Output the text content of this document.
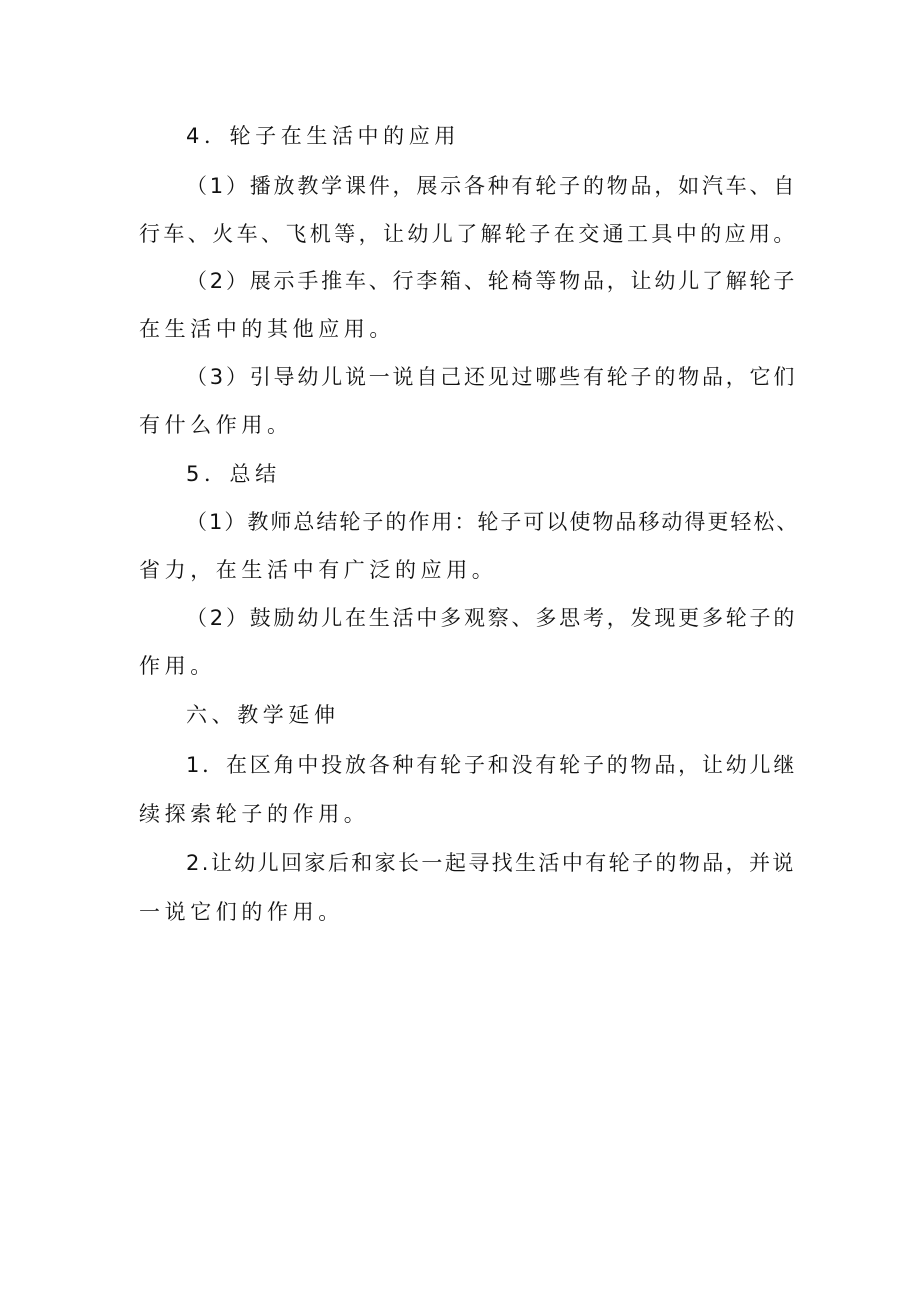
4．轮子在生活中的应用
（1）播放教学课件，展示各种有轮子的物品，如汽车、自
行车、火车、飞机等，让幼儿了解轮子在交通工具中的应用。
（2）展示手推车、行李箱、轮椅等物品，让幼儿了解轮子
在生活中的其他应用。
（3）引导幼儿说一说自己还见过哪些有轮子的物品，它们
有什么作用。
5．总结
（1）教师总结轮子的作用：轮子可以使物品移动得更轻松、
省力，在生活中有广泛的应用。
（2）鼓励幼儿在生活中多观察、多思考，发现更多轮子的
作用。
六、教学延伸
1．在区角中投放各种有轮子和没有轮子的物品，让幼儿继
续探索轮子的作用。
2.让幼儿回家后和家长一起寻找生活中有轮子的物品，并说
一说它们的作用。
